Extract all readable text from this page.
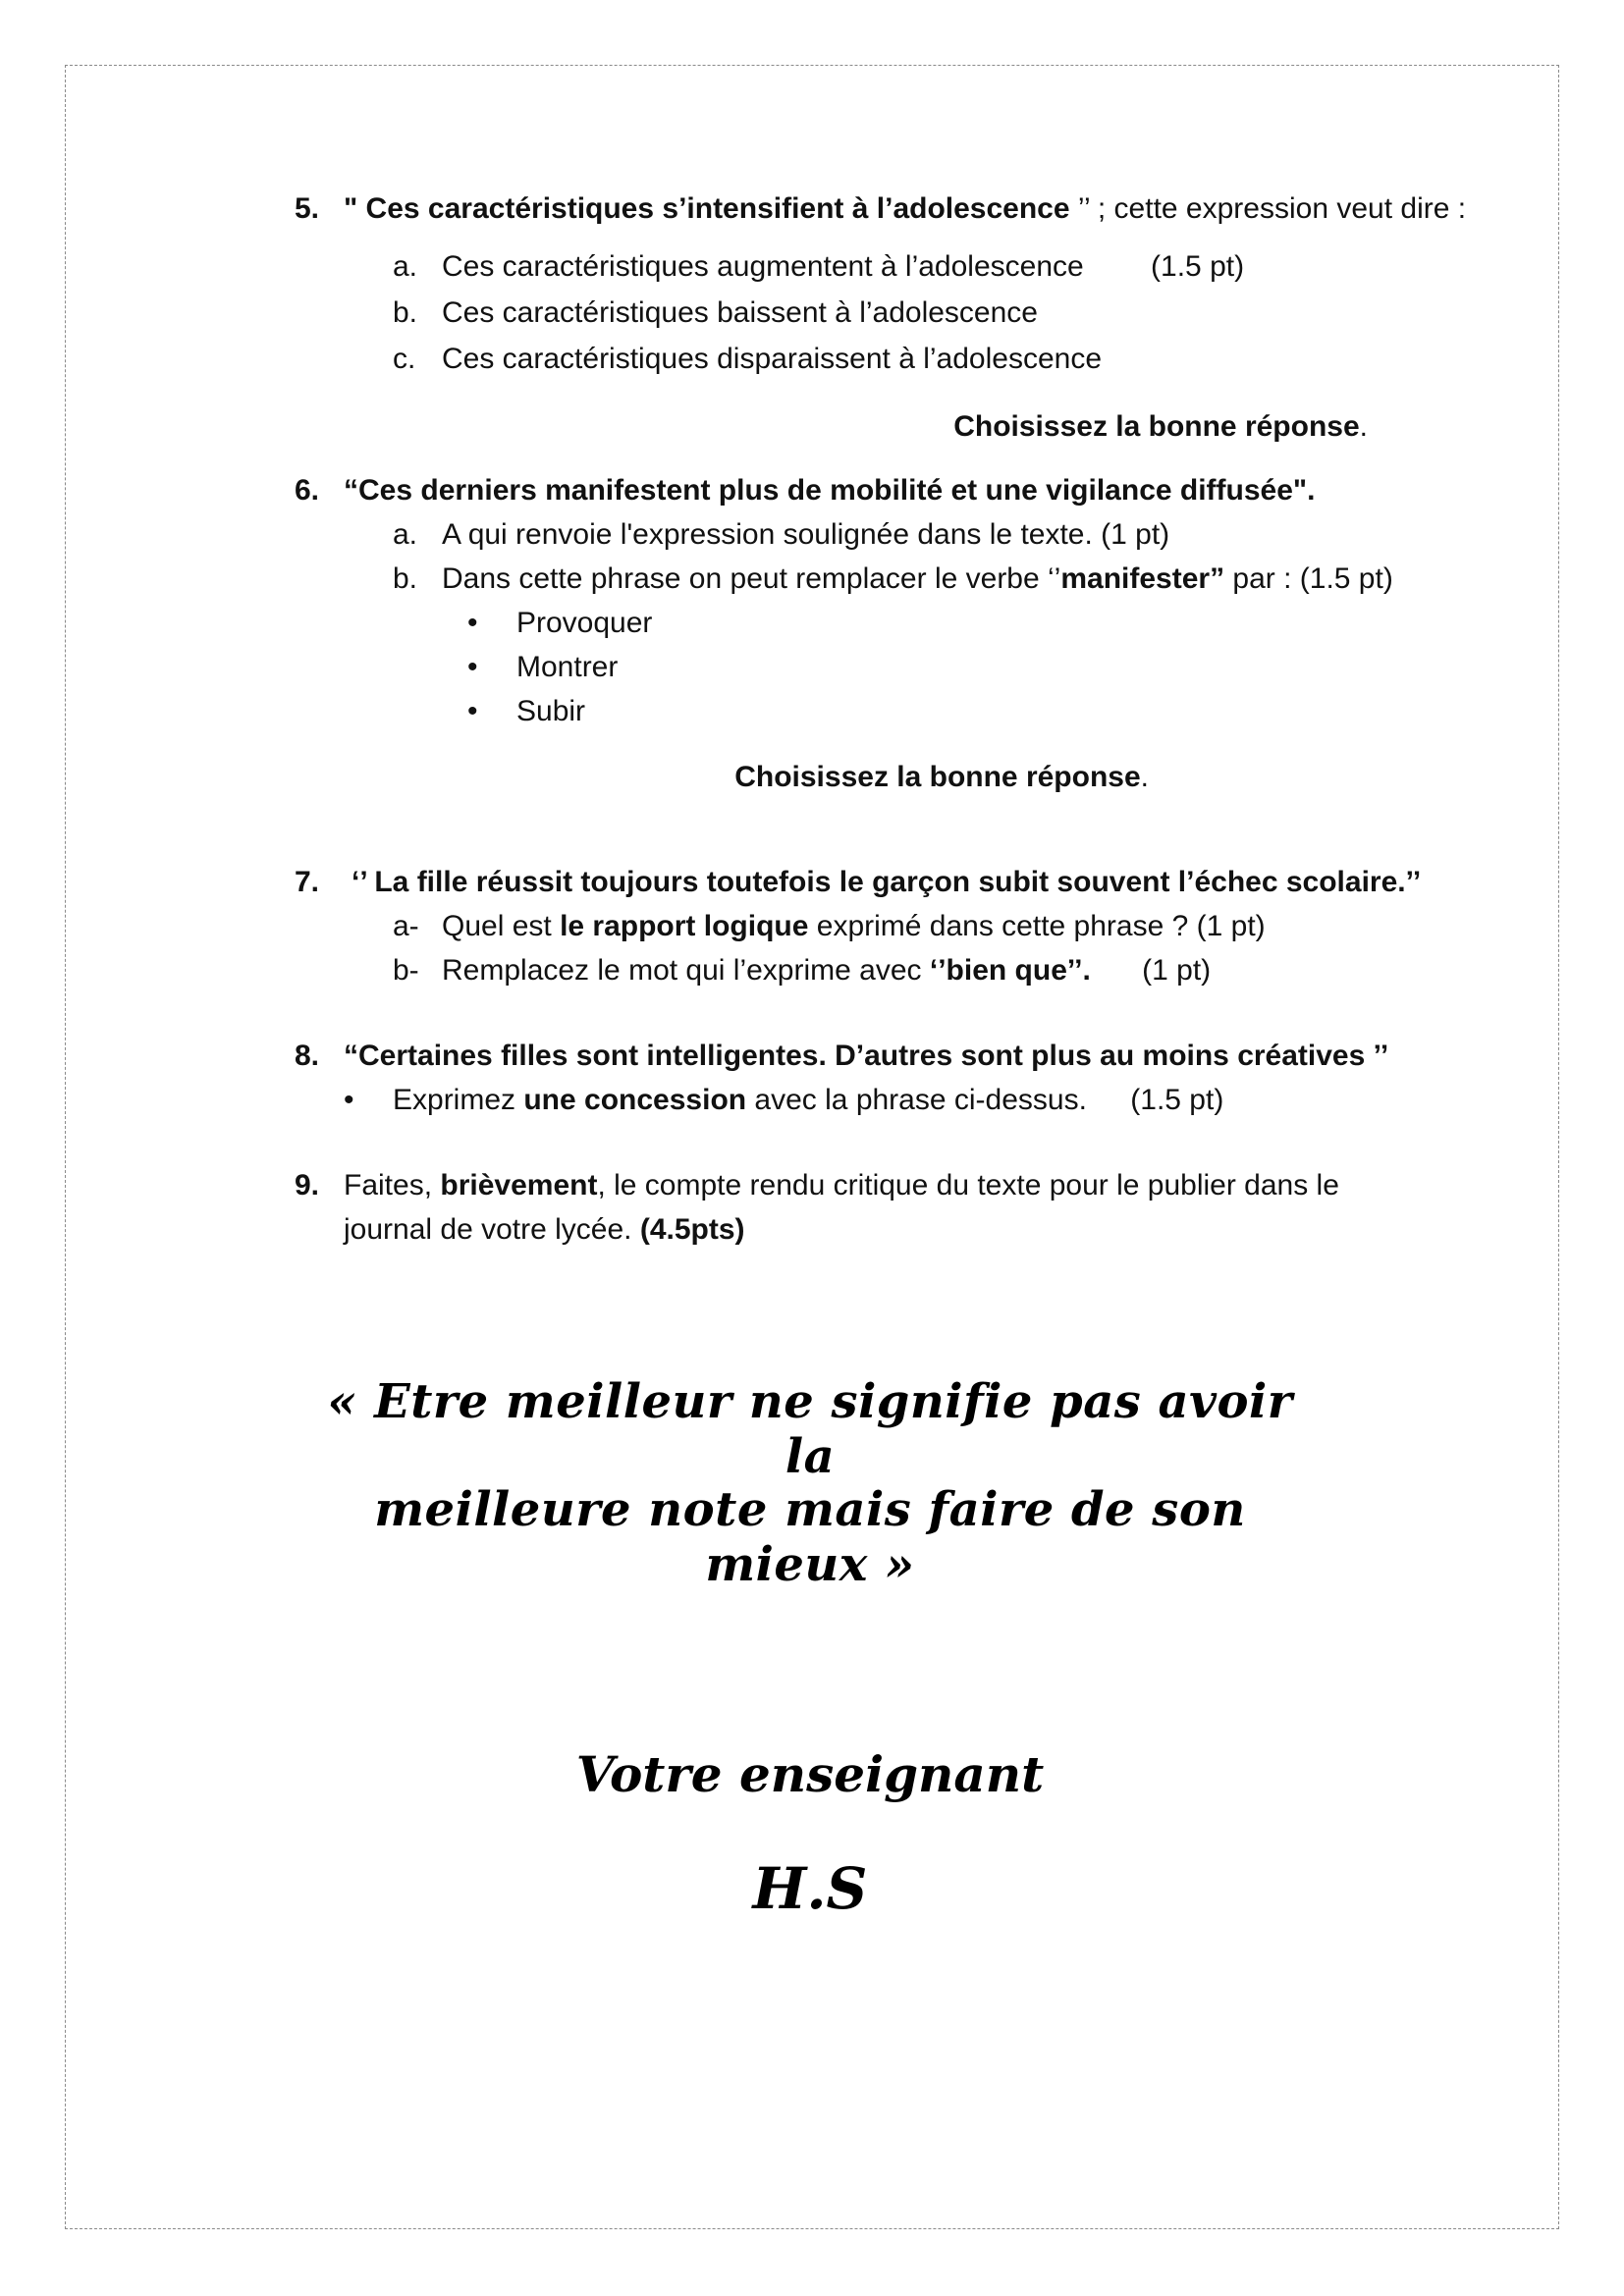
5. " Ces caractéristiques s’intensifient à l’adolescence ’’ ; cette expression veut dire :
a. Ces caractéristiques augmentent à l’adolescence (1.5 pt)
b. Ces caractéristiques baissent à l’adolescence
c. Ces caractéristiques disparaissent à l’adolescence
Choisissez la bonne réponse.
6. “Ces derniers manifestent plus de mobilité et une vigilance diffusée".
a. A qui renvoie l'expression soulignée dans le texte. (1 pt)
b. Dans cette phrase on peut remplacer le verbe ‘’manifester” par : (1.5 pt)
• Provoquer
• Montrer
• Subir
Choisissez la bonne réponse.
7. ‘’ La fille réussit toujours toutefois le garçon subit souvent l’échec scolaire.’’
a- Quel est le rapport logique exprimé dans cette phrase ? (1 pt)
b- Remplacez le mot qui l’exprime avec ‘’bien que’’. (1 pt)
8. “Certaines filles sont intelligentes. D’autres sont plus au moins créatives ’’
• Exprimez une concession avec la phrase ci-dessus. (1.5 pt)
9. Faites, brièvement, le compte rendu critique du texte pour le publier dans le journal de votre lycée. (4.5pts)
« Etre meilleur ne signifie pas avoir la
meilleure note mais faire de son mieux »
Votre enseignant
H.S
